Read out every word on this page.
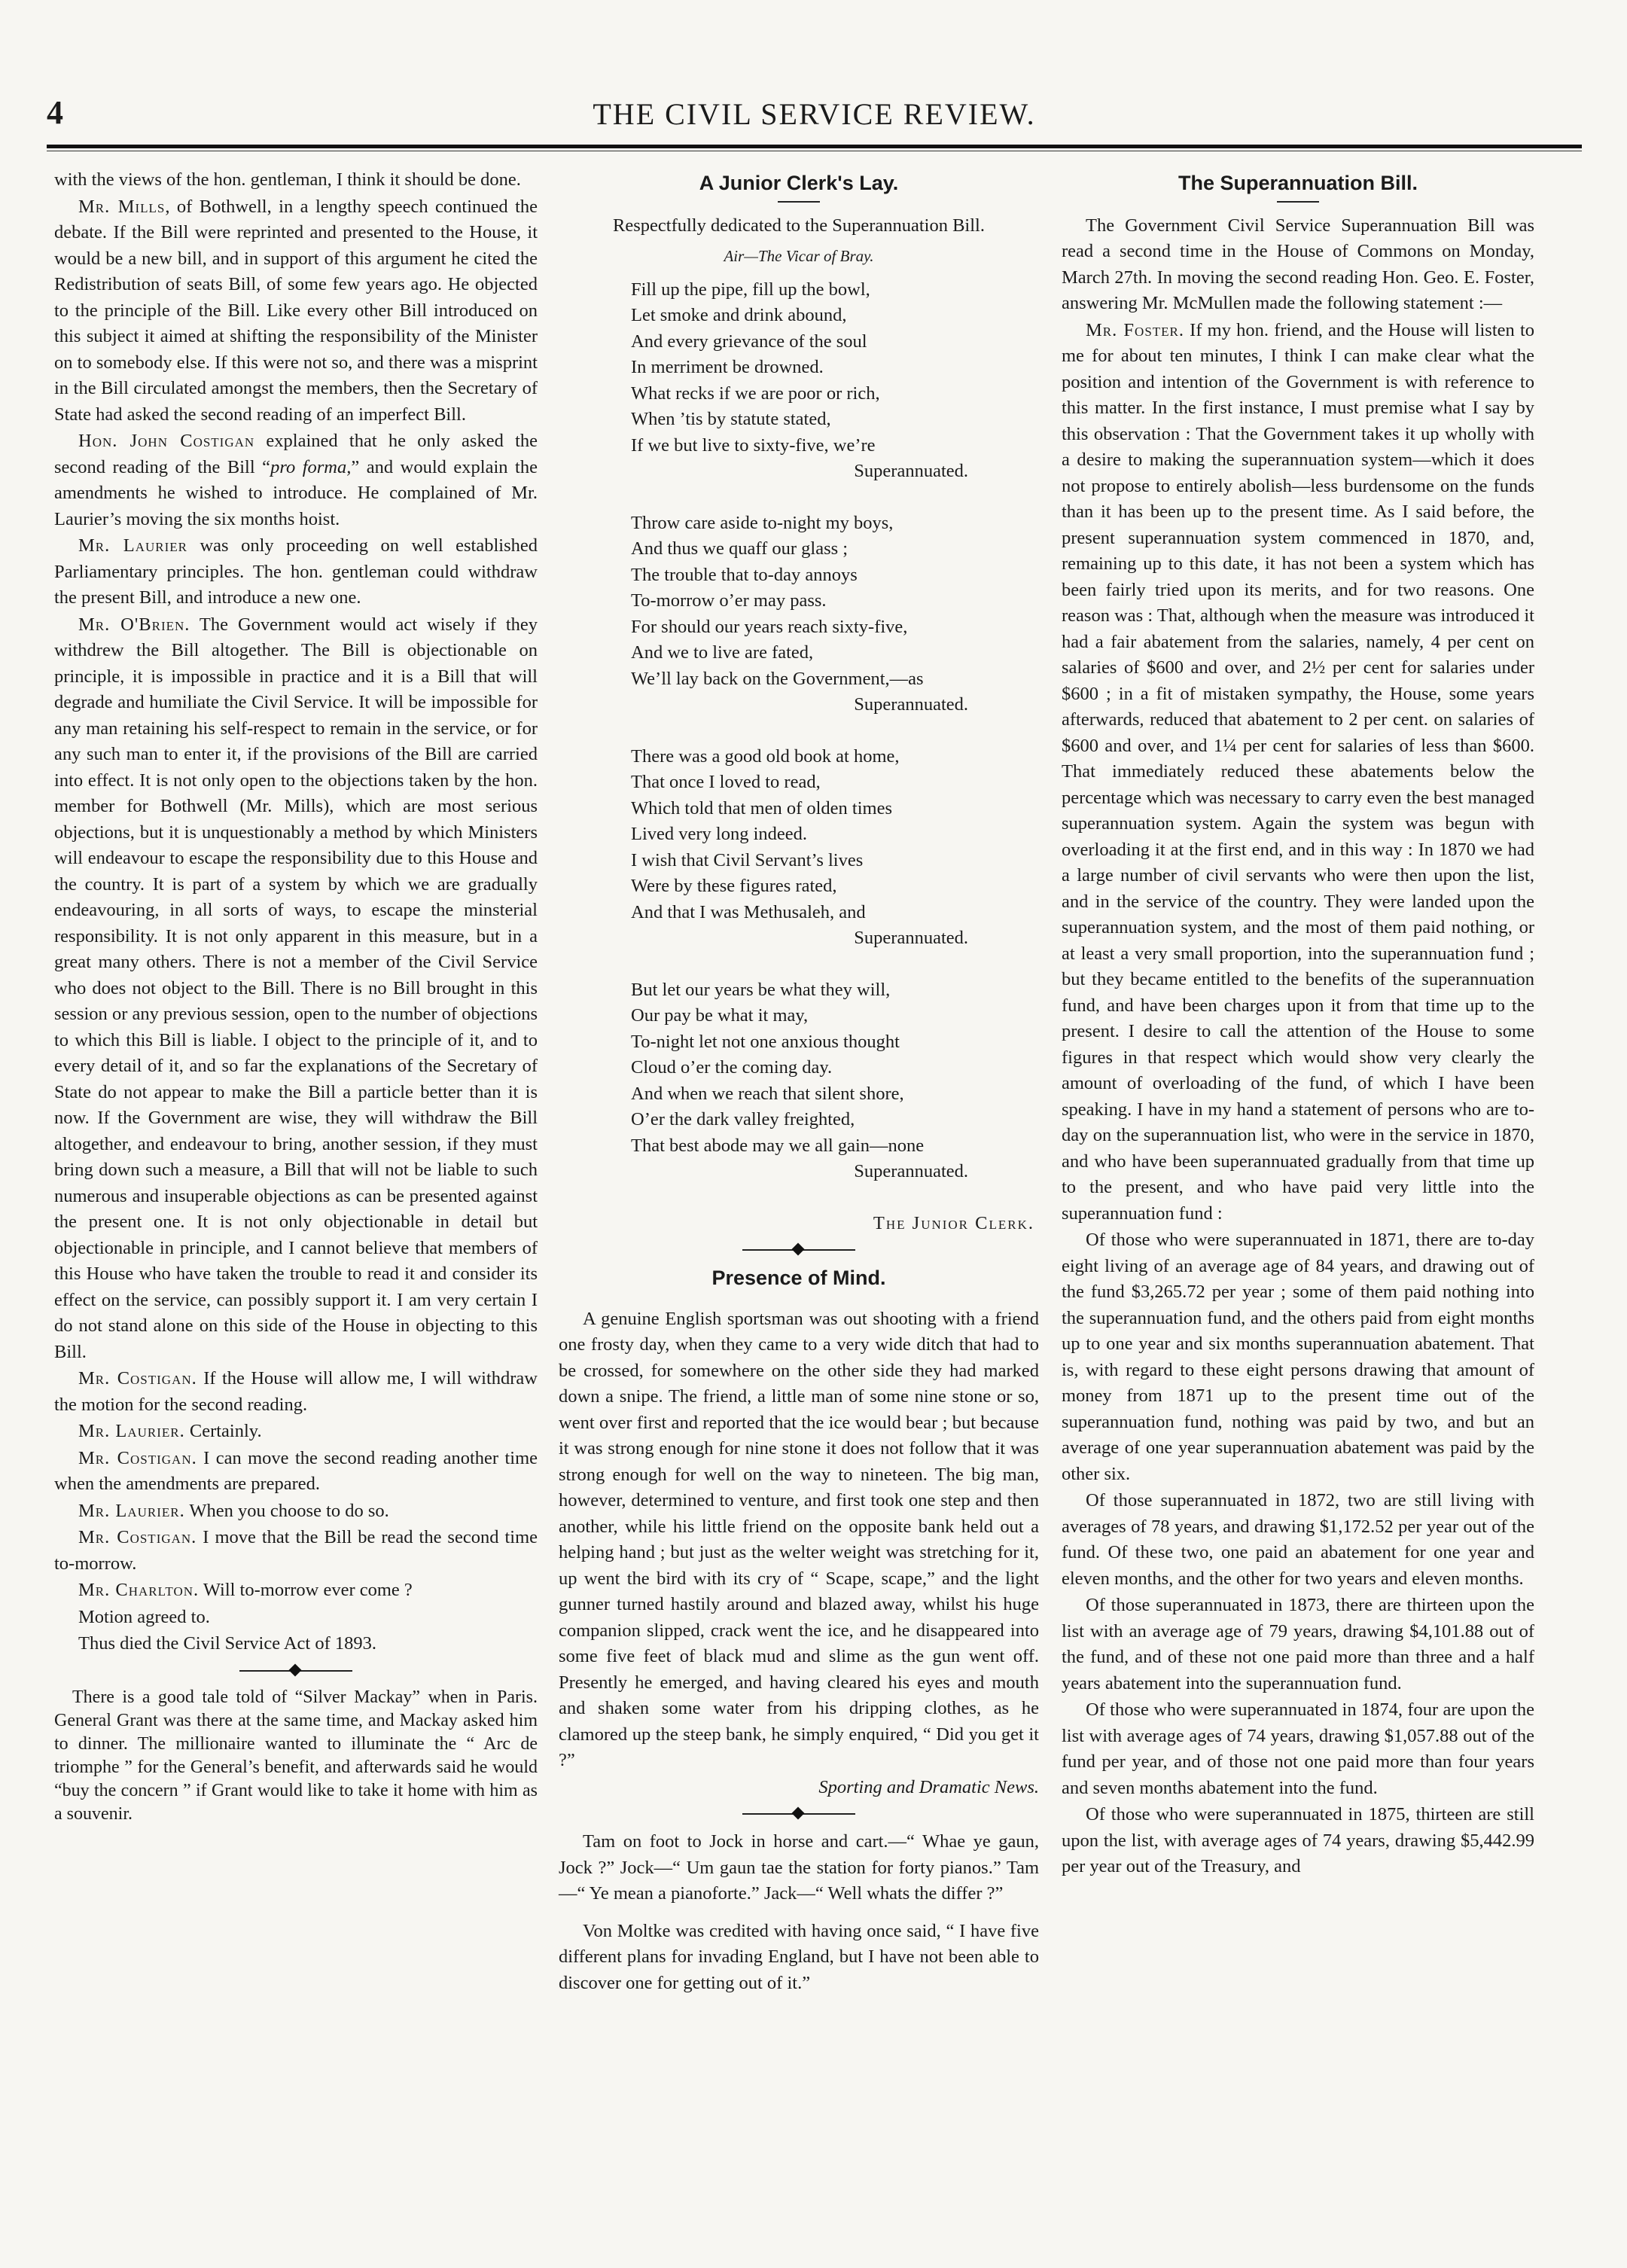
4	THE CIVIL SERVICE REVIEW.

with the views of the hon. gentleman, I think it should be done.

Mr. Mills, of Bothwell, in a lengthy speech continued the debate. If the Bill were reprinted and presented to the House, it would be a new bill, and in support of this argument he cited the Redistribution of seats Bill, of some few years ago. He objected to the principle of the Bill. Like every other Bill introduced on this subject it aimed at shifting the responsibility of the Minister on to somebody else. If this were not so, and there was a misprint in the Bill circulated amongst the members, then the Secretary of State had asked the second reading of an imperfect Bill.

Hon. John Costigan explained that he only asked the second reading of the Bill “pro forma,” and would explain the amendments he wished to introduce. He complained of Mr. Laurier’s moving the six months hoist.

Mr. Laurier was only proceeding on well established Parliamentary principles. The hon. gentleman could withdraw the present Bill, and introduce a new one.

Mr. O'Brien. The Government would act wisely if they withdrew the Bill altogether. The Bill is objectionable on principle, it is impossible in practice and it is a Bill that will degrade and humiliate the Civil Service. It will be impossible for any man retaining his self-respect to remain in the service, or for any such man to enter it, if the provisions of the Bill are carried into effect. It is not only open to the objections taken by the hon. member for Bothwell (Mr. Mills), which are most serious objections, but it is unquestionably a method by which Ministers will endeavour to escape the responsibility due to this House and the country. It is part of a system by which we are gradually endeavouring, in all sorts of ways, to escape the minsterial responsibility. It is not only apparent in this measure, but in a great many others. There is not a member of the Civil Service who does not object to the Bill. There is no Bill brought in this session or any previous session, open to the number of objections to which this Bill is liable. I object to the principle of it, and to every detail of it, and so far the explanations of the Secretary of State do not appear to make the Bill a particle better than it is now. If the Government are wise, they will withdraw the Bill altogether, and endeavour to bring, another session, if they must bring down such a measure, a Bill that will not be liable to such numerous and insuperable objections as can be presented against the present one. It is not only objectionable in detail but objectionable in principle, and I cannot believe that members of this House who have taken the trouble to read it and consider its effect on the service, can possibly support it. I am very certain I do not stand alone on this side of the House in objecting to this Bill.

Mr. Costigan. If the House will allow me, I will withdraw the motion for the second reading.

Mr. Laurier. Certainly.

Mr. Costigan. I can move the second reading another time when the amendments are prepared.

Mr. Laurier. When you choose to do so.

Mr. Costigan. I move that the Bill be read the second time to-morrow.

Mr. Charlton. Will to-morrow ever come ?

Motion agreed to.

Thus died the Civil Service Act of 1893.

There is a good tale told of “Silver Mackay” when in Paris. General Grant was there at the same time, and Mackay asked him to dinner. The millionaire wanted to illuminate the “ Arc de triomphe ” for the General’s benefit, and afterwards said he would “buy the concern ” if Grant would like to take it home with him as a souvenir.

A Junior Clerk's Lay.

Respectfully dedicated to the Superannuation Bill.

Air—The Vicar of Bray.

Fill up the pipe, fill up the bowl,
Let smoke and drink abound,
And every grievance of the soul
In merriment be drowned.
What recks if we are poor or rich,
When ’tis by statute stated,
If we but live to sixty-five, we’re
Superannuated.
Throw care aside to-night my boys,
And thus we quaff our glass ;
The trouble that to-day annoys
To-morrow o’er may pass.
For should our years reach sixty-five,
And we to live are fated,
We’ll lay back on the Government,—as
Superannuated.
There was a good old book at home,
That once I loved to read,
Which told that men of olden times
Lived very long indeed.
I wish that Civil Servant’s lives
Were by these figures rated,
And that I was Methusaleh, and
Superannuated.
But let our years be what they will,
Our pay be what it may,
To-night let not one anxious thought
Cloud o’er the coming day.
And when we reach that silent shore,
O’er the dark valley freighted,
That best abode may we all gain—none
Superannuated.

The Junior Clerk.

Presence of Mind.

A genuine English sportsman was out shooting with a friend one frosty day, when they came to a very wide ditch that had to be crossed, for somewhere on the other side they had marked down a snipe. The friend, a little man of some nine stone or so, went over first and reported that the ice would bear ; but because it was strong enough for nine stone it does not follow that it was strong enough for well on the way to nineteen. The big man, however, determined to venture, and first took one step and then another, while his little friend on the opposite bank held out a helping hand ; but just as the welter weight was stretching for it, up went the bird with its cry of “ Scape, scape,” and the light gunner turned hastily around and blazed away, whilst his huge companion slipped, crack went the ice, and he disappeared into some five feet of black mud and slime as the gun went off. Presently he emerged, and having cleared his eyes and mouth and shaken some water from his dripping clothes, as he clamored up the steep bank, he simply enquired, “ Did you get it ?”

Sporting and Dramatic News.

Tam on foot to Jock in horse and cart.—“ Whae ye gaun, Jock ?” Jock—“ Um gaun tae the station for forty pianos.” Tam—“ Ye mean a pianoforte.” Jack—“ Well whats the differ ?”

Von Moltke was credited with having once said, “ I have five different plans for invading England, but I have not been able to discover one for getting out of it.”

The Superannuation Bill.

The Government Civil Service Superannuation Bill was read a second time in the House of Commons on Monday, March 27th. In moving the second reading Hon. Geo. E. Foster, answering Mr. McMullen made the following statement :—

Mr. Foster. If my hon. friend, and the House will listen to me for about ten minutes, I think I can make clear what the position and intention of the Government is with reference to this matter. In the first instance, I must premise what I say by this observation : That the Government takes it up wholly with a desire to making the superannuation system—which it does not propose to entirely abolish—less burdensome on the funds than it has been up to the present time. As I said before, the present superannuation system commenced in 1870, and, remaining up to this date, it has not been a system which has been fairly tried upon its merits, and for two reasons. One reason was : That, although when the measure was introduced it had a fair abatement from the salaries, namely, 4 per cent on salaries of $600 and over, and 2½ per cent for salaries under $600 ; in a fit of mistaken sympathy, the House, some years afterwards, reduced that abatement to 2 per cent. on salaries of $600 and over, and 1¼ per cent for salaries of less than $600. That immediately reduced these abatements below the percentage which was necessary to carry even the best managed superannuation system. Again the system was begun with overloading it at the first end, and in this way : In 1870 we had a large number of civil servants who were then upon the list, and in the service of the country. They were landed upon the superannuation system, and the most of them paid nothing, or at least a very small proportion, into the superannuation fund ; but they became entitled to the benefits of the superannuation fund, and have been charges upon it from that time up to the present. I desire to call the attention of the House to some figures in that respect which would show very clearly the amount of overloading of the fund, of which I have been speaking. I have in my hand a statement of persons who are to-day on the superannuation list, who were in the service in 1870, and who have been superannuated gradually from that time up to the present, and who have paid very little into the superannuation fund :

Of those who were superannuated in 1871, there are to-day eight living of an average age of 84 years, and drawing out of the fund $3,265.72 per year ; some of them paid nothing into the superannuation fund, and the others paid from eight months up to one year and six months superannuation abatement. That is, with regard to these eight persons drawing that amount of money from 1871 up to the present time out of the superannuation fund, nothing was paid by two, and but an average of one year superannuation abatement was paid by the other six.

Of those superannuated in 1872, two are still living with averages of 78 years, and drawing $1,172.52 per year out of the fund. Of these two, one paid an abatement for one year and eleven months, and the other for two years and eleven months.

Of those superannuated in 1873, there are thirteen upon the list with an average age of 79 years, drawing $4,101.88 out of the fund, and of these not one paid more than three and a half years abatement into the superannuation fund.

Of those who were superannuated in 1874, four are upon the list with average ages of 74 years, drawing $1,057.88 out of the fund per year, and of those not one paid more than four years and seven months abatement into the fund.

Of those who were superannuated in 1875, thirteen are still upon the list, with average ages of 74 years, drawing $5,442.99 per year out of the Treasury, and
